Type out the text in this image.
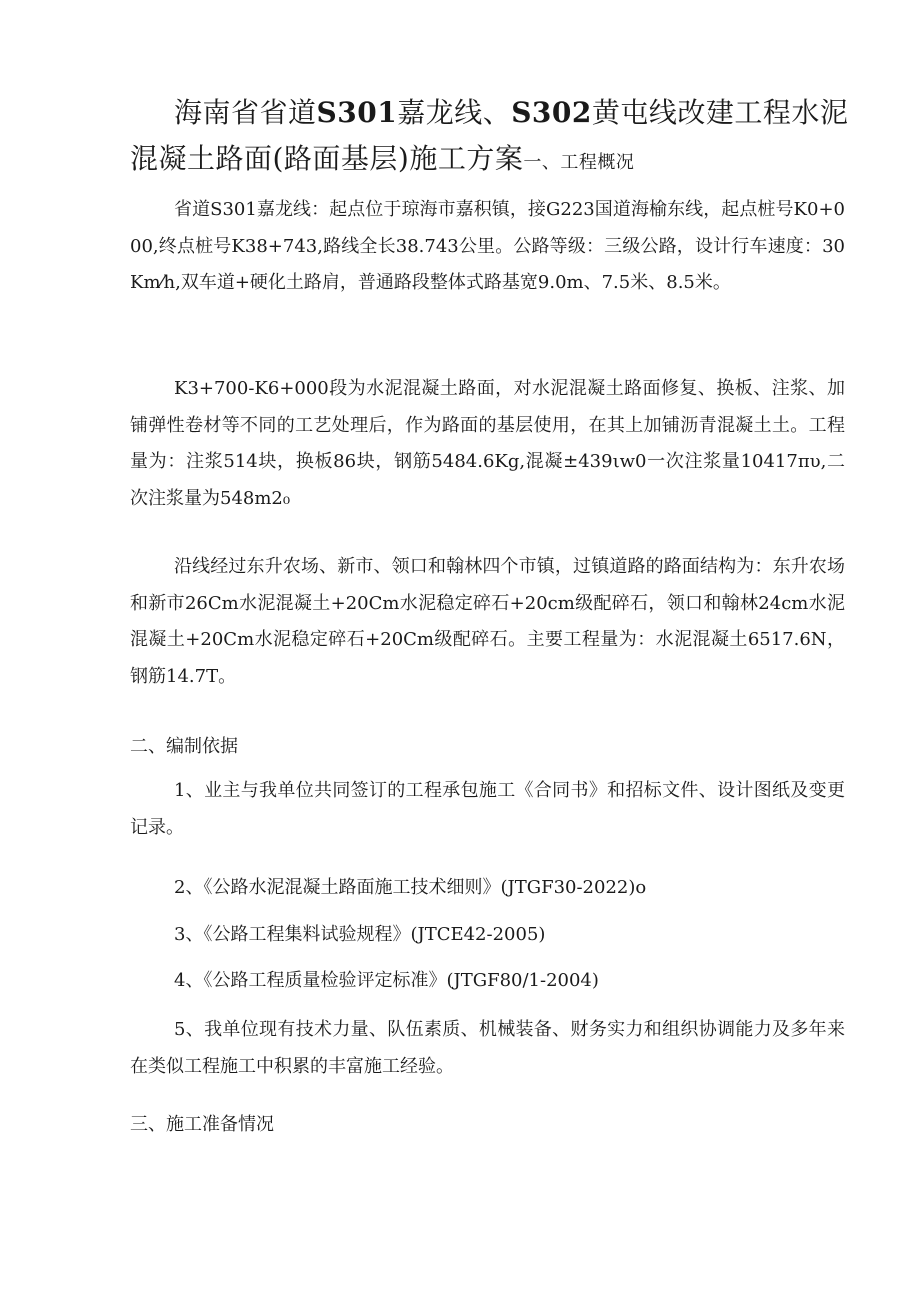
海南省省道S301嘉龙线、S302黄屯线改建工程水泥混凝土路面(路面基层)施工方案一、工程概况

省道S301嘉龙线：起点位于琼海市嘉积镇，接G223国道海榆东线，起点桩号K0+000,终点桩号K38+743,路线全长38.743公里。公路等级：三级公路，设计行车速度：30Km⁄h,双车道+硬化土路肩，普通路段整体式路基宽9.0m、7.5米、8.5米。

K3+700-K6+000段为水泥混凝土路面，对水泥混凝土路面修复、换板、注浆、加铺弹性卷材等不同的工艺处理后，作为路面的基层使用，在其上加铺沥青混凝土土。工程量为：注浆514块，换板86块，钢筋5484.6Kg,混凝±439ιw0一次注浆量10417πυ,二次注浆量为548m2₀

沿线经过东升农场、新市、领口和翰林四个市镇，过镇道路的路面结构为：东升农场和新市26Cm水泥混凝土+20Cm水泥稳定碎石+20cm级配碎石，领口和翰林24cm水泥混凝土+20Cm水泥稳定碎石+20Cm级配碎石。主要工程量为：水泥混凝土6517.6N，钢筋14.7T。

二、编制依据

1、业主与我单位共同签订的工程承包施工《合同书》和招标文件、设计图纸及变更记录。

2、《公路水泥混凝土路面施工技术细则》(JTGF30-2022)o

3、《公路工程集料试验规程》(JTCE42-2005)

4、《公路工程质量检验评定标准》(JTGF80/1-2004)

5、我单位现有技术力量、队伍素质、机械装备、财务实力和组织协调能力及多年来在类似工程施工中积累的丰富施工经验。

三、施工准备情况
